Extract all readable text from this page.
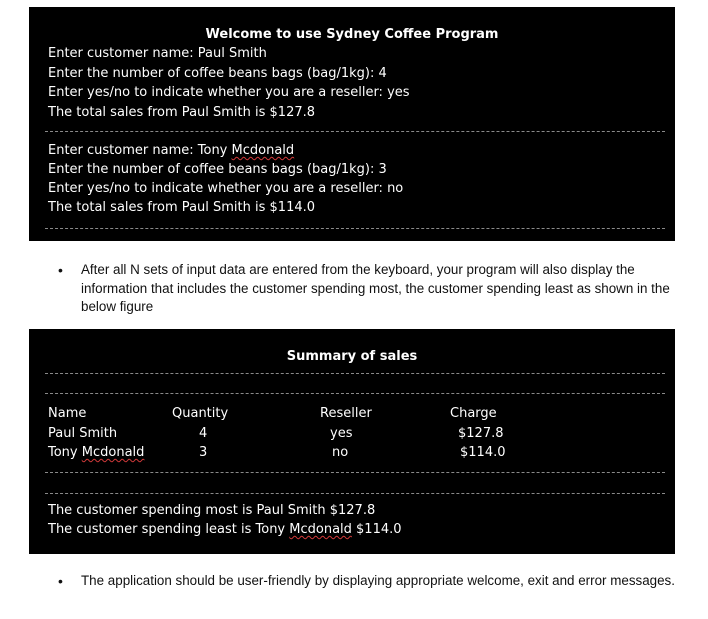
Welcome to use Sydney Coffee Program
Enter customer name: Paul Smith
Enter the number of coffee beans bags (bag/1kg): 4
Enter yes/no to indicate whether you are a reseller: yes
The total sales from Paul Smith is $127.8
Enter customer name: Tony Mcdonald
Enter the number of coffee beans bags (bag/1kg): 3
Enter yes/no to indicate whether you are a reseller: no
The total sales from Paul Smith is $114.0
• After all N sets of input data are entered from the keyboard, your program will also display the information that includes the customer spending most, the customer spending least as shown in the below figure
Summary of sales
Name	Quantity	Reseller	Charge
Paul Smith	4	yes	$127.8
Tony Mcdonald	3	no	$114.0
The customer spending most is Paul Smith $127.8
The customer spending least is Tony Mcdonald $114.0
• The application should be user-friendly by displaying appropriate welcome, exit and error messages.
